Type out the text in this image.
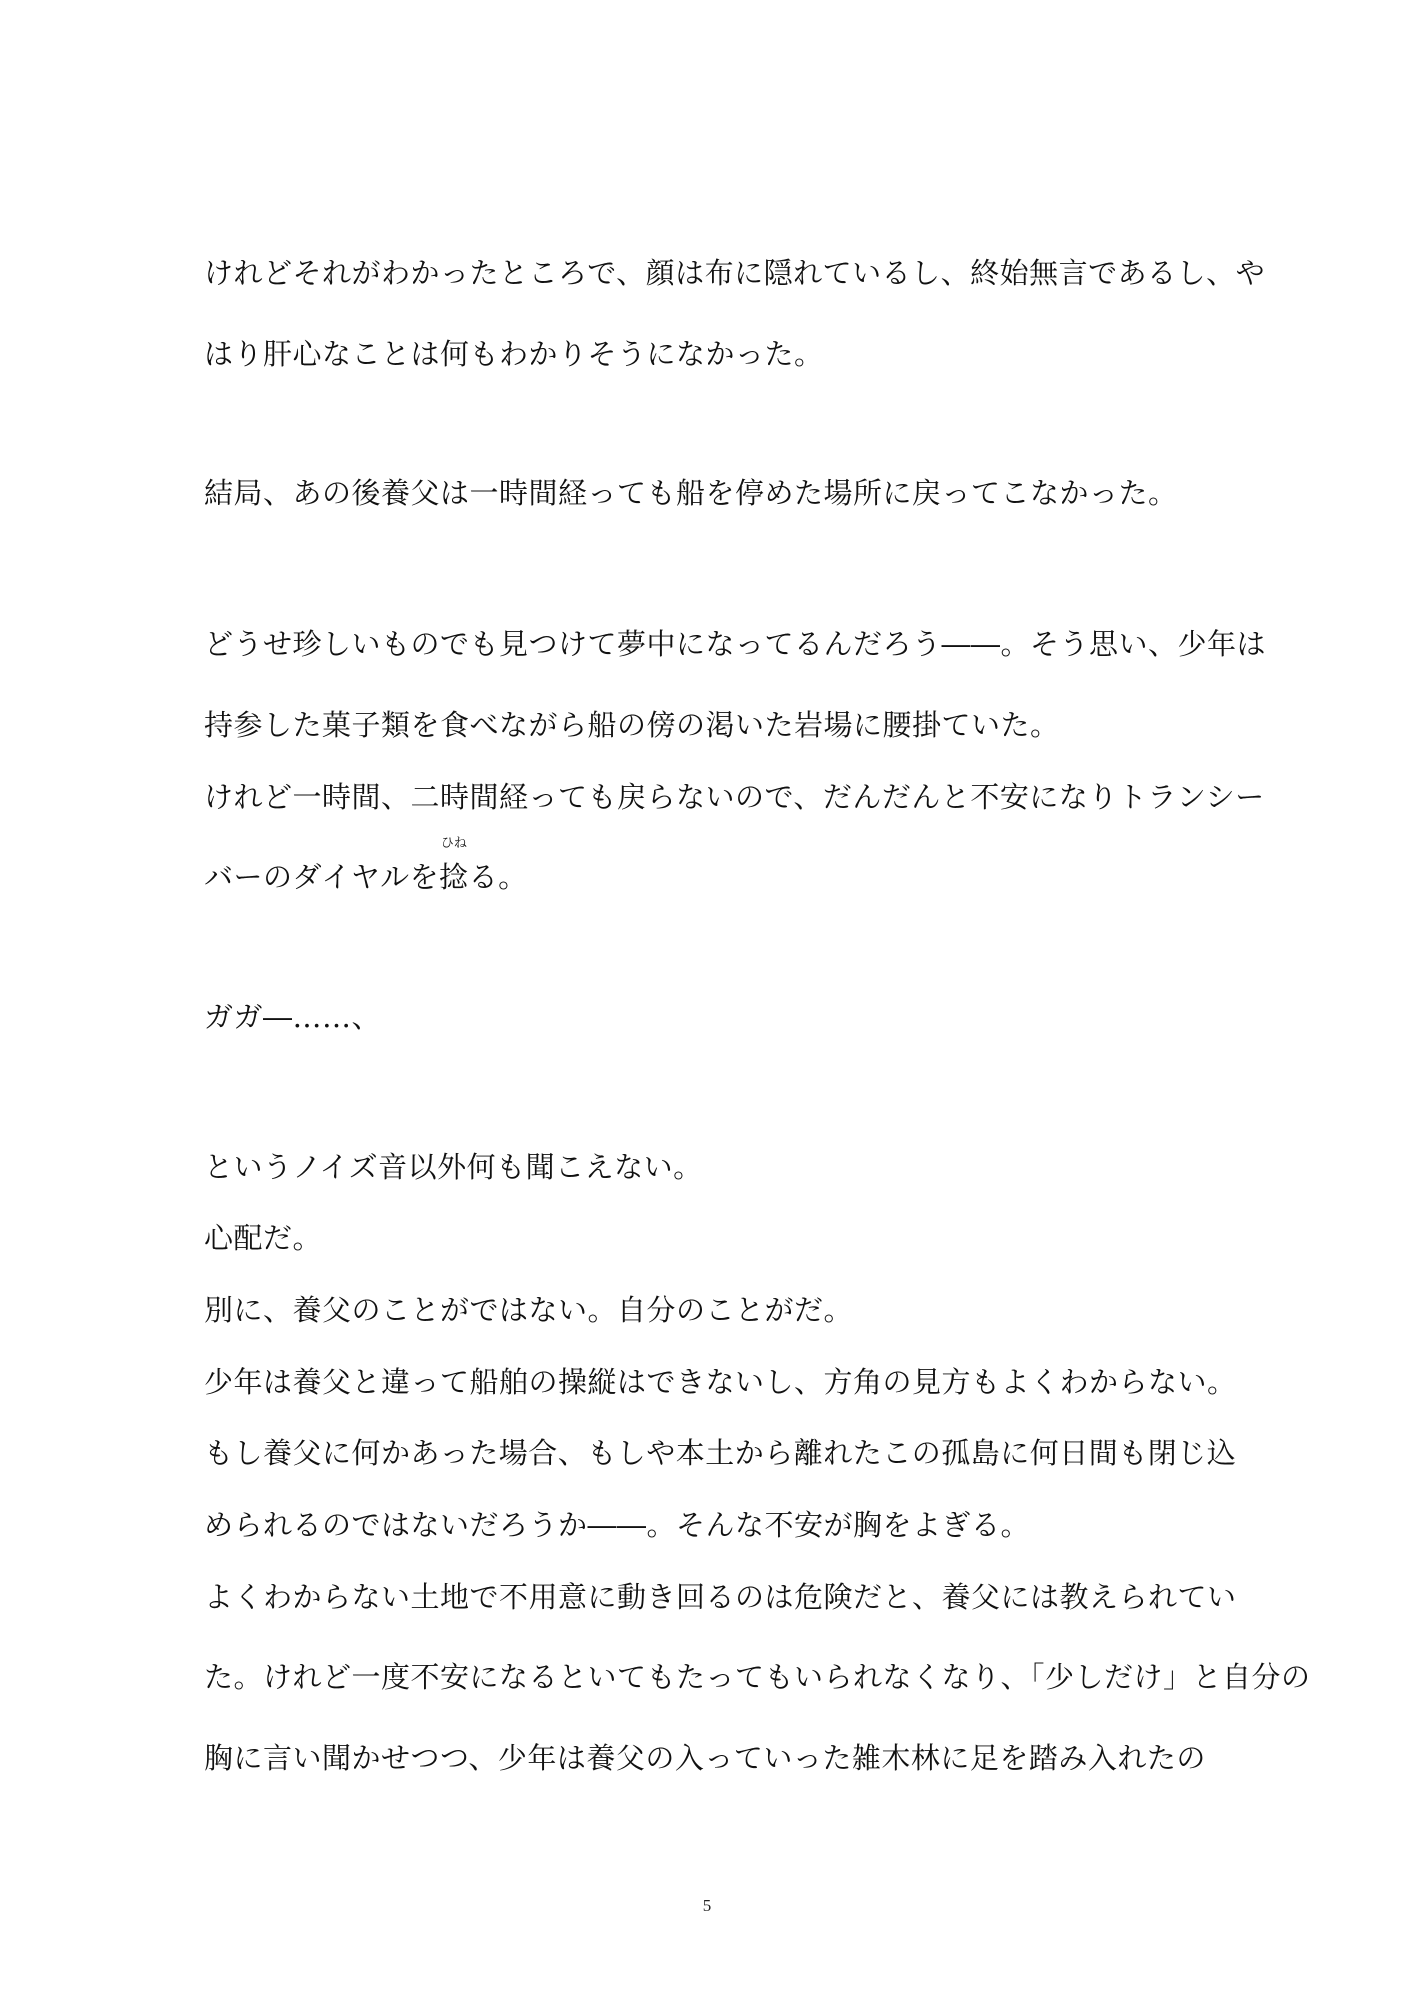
けれどそれがわかったところで、顔は布に隠れているし、終始無言であるし、や
はり肝心なことは何もわかりそうになかった。
結局、あの後養父は一時間経っても船を停めた場所に戻ってこなかった。
どうせ珍しいものでも見つけて夢中になってるんだろう――。そう思い、少年は
持参した菓子類を食べながら船の傍の渇いた岩場に腰掛ていた。
けれど一時間、二時間経っても戻らないので、だんだんと不安になりトランシー
バーのダイヤルを
ひね
捻る。
ガガ―……、
というノイズ音以外何も聞こえない。
心配だ。
別に、養父のことがではない。自分のことがだ。
少年は養父と違って船舶の操縦はできないし、方角の見方もよくわからない。
もし養父に何かあった場合、もしや本土から離れたこの孤島に何日間も閉じ込
められるのではないだろうか――。そんな不安が胸をよぎる。
よくわからない土地で不用意に動き回るのは危険だと、養父には教えられてい
た。けれど一度不安になるといてもたってもいられなくなり、「少しだけ」と自分の
胸に言い聞かせつつ、少年は養父の入っていった雑木林に足を踏み入れたの
5
